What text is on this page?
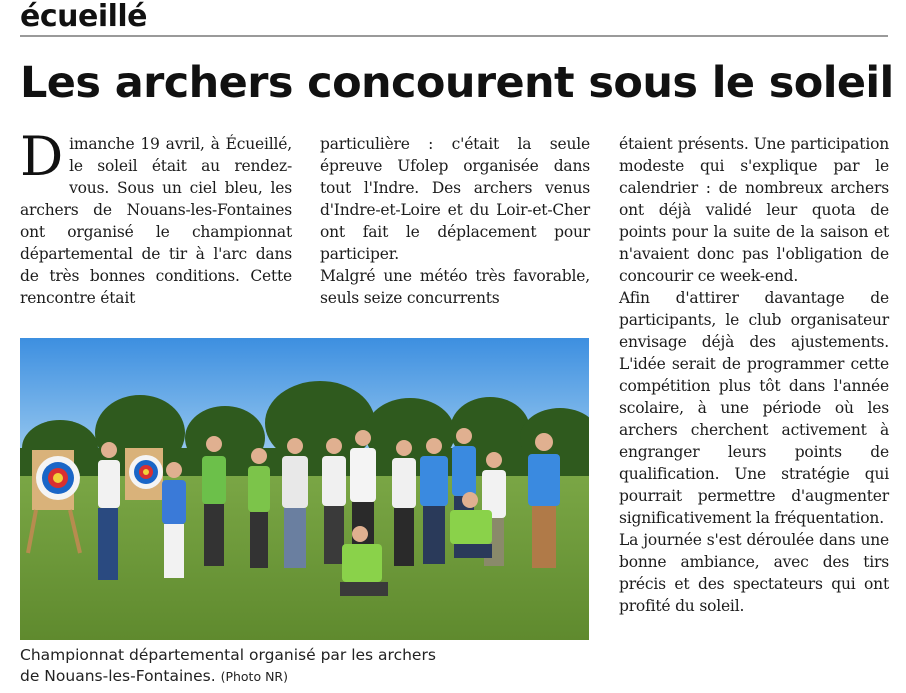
écueillé
Les archers concourent sous le soleil

Dimanche 19 avril, à Écueillé, le soleil était au rendez-vous. Sous un ciel bleu, les archers de Nouans-les-Fontaines ont organisé le championnat départemental de tir à l'arc dans de très bonnes conditions. Cette rencontre était

particulière : c'était la seule épreuve Ufolep organisée dans tout l'Indre. Des archers venus d'Indre-et-Loire et du Loir-et-Cher ont fait le déplacement pour participer.

Malgré une météo très favorable, seuls seize concurrents

étaient présents. Une participation modeste qui s'explique par le calendrier : de nombreux archers ont déjà validé leur quota de points pour la suite de la saison et n'avaient donc pas l'obligation de concourir ce week-end.

Afin d'attirer davantage de participants, le club organisateur envisage déjà des ajustements. L'idée serait de programmer cette compétition plus tôt dans l'année scolaire, à une période où les archers cherchent activement à engranger leurs points de qualification. Une stratégie qui pourrait permettre d'augmenter significativement la fréquentation.

La journée s'est déroulée dans une bonne ambiance, avec des tirs précis et des spectateurs qui ont profité du soleil.

Championnat départemental organisé par les archers
de Nouans-les-Fontaines. (Photo NR)
